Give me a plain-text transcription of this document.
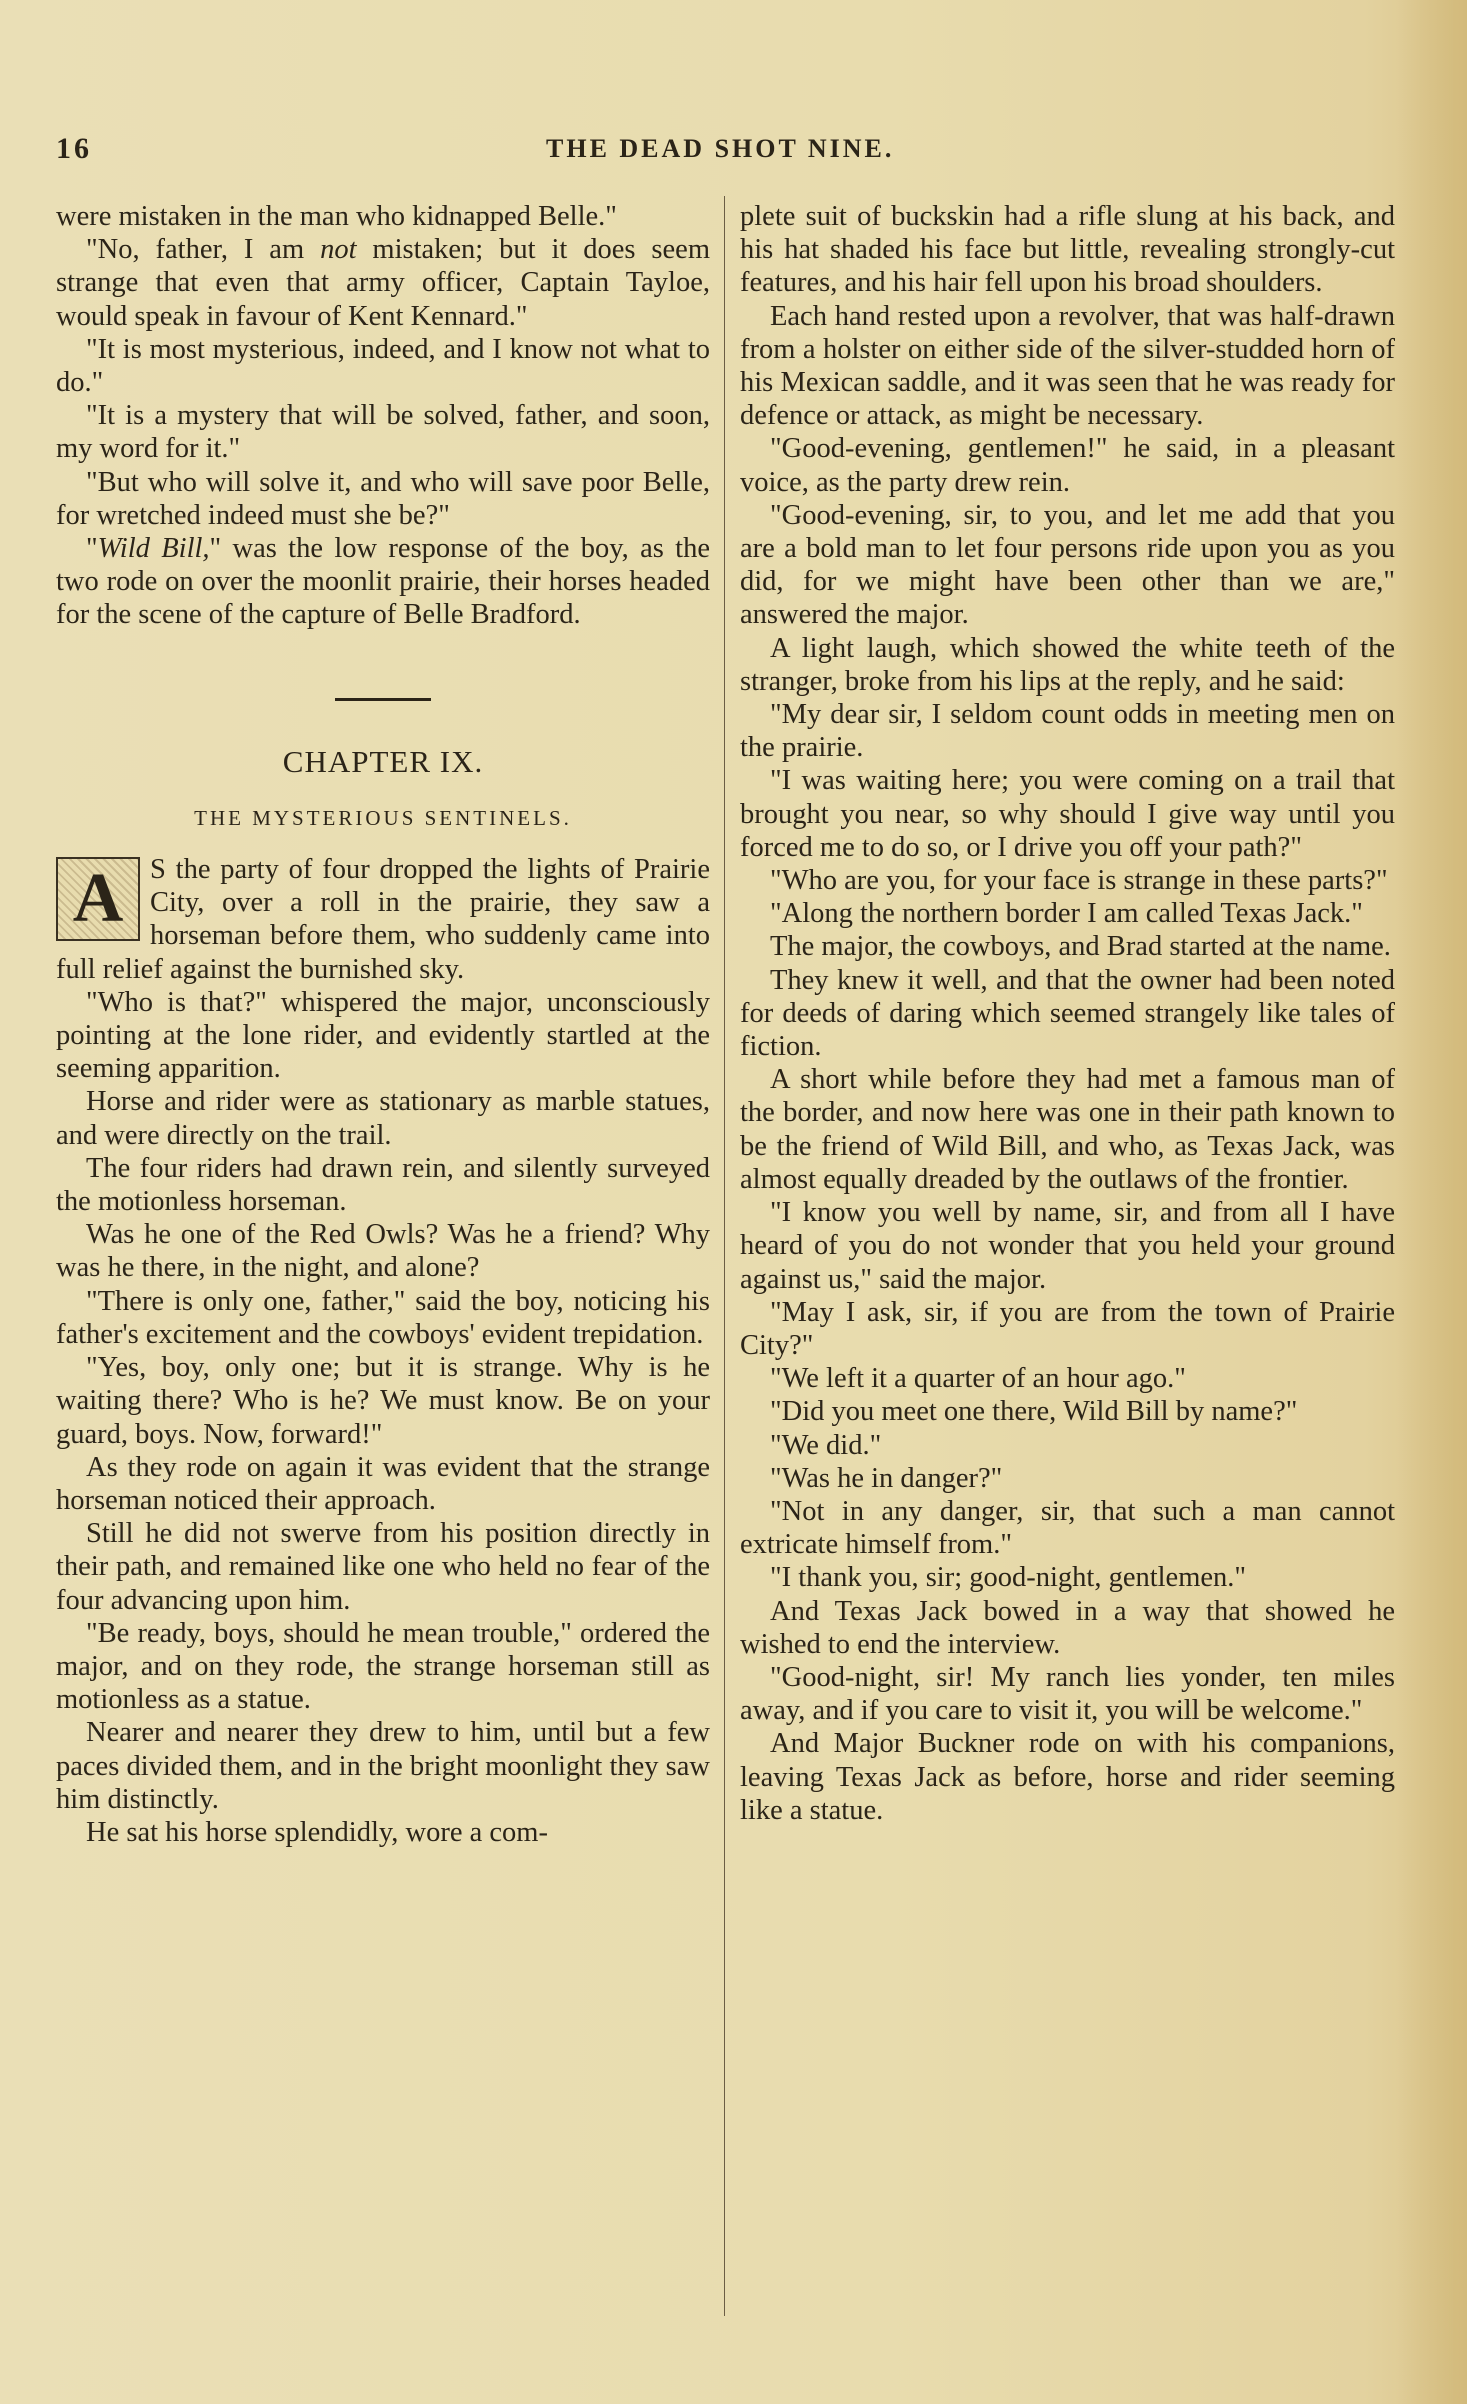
16	THE DEAD SHOT NINE.

were mistaken in the man who kidnapped Belle."

"No, father, I am not mistaken; but it does seem strange that even that army officer, Captain Tayloe, would speak in favour of Kent Kennard."

"It is most mysterious, indeed, and I know not what to do."

"It is a mystery that will be solved, father, and soon, my word for it."

"But who will solve it, and who will save poor Belle, for wretched indeed must she be?"

"Wild Bill," was the low response of the boy, as the two rode on over the moonlit prairie, their horses headed for the scene of the capture of Belle Bradford.

CHAPTER IX.
THE MYSTERIOUS SENTINELS.

A S the party of four dropped the lights of Prairie City, over a roll in the prairie, they saw a horseman before them, who suddenly came into full relief against the burnished sky.

"Who is that?" whispered the major, unconsciously pointing at the lone rider, and evidently startled at the seeming apparition.

Horse and rider were as stationary as marble statues, and were directly on the trail.

The four riders had drawn rein, and silently surveyed the motionless horseman.

Was he one of the Red Owls? Was he a friend? Why was he there, in the night, and alone?

"There is only one, father," said the boy, noticing his father's excitement and the cowboys' evident trepidation.

"Yes, boy, only one; but it is strange. Why is he waiting there? Who is he? We must know. Be on your guard, boys. Now, forward!"

As they rode on again it was evident that the strange horseman noticed their approach.

Still he did not swerve from his position directly in their path, and remained like one who held no fear of the four advancing upon him.

"Be ready, boys, should he mean trouble," ordered the major, and on they rode, the strange horseman still as motionless as a statue.

Nearer and nearer they drew to him, until but a few paces divided them, and in the bright moonlight they saw him distinctly.

He sat his horse splendidly, wore a com-

plete suit of buckskin had a rifle slung at his back, and his hat shaded his face but little, revealing strongly-cut features, and his hair fell upon his broad shoulders.

Each hand rested upon a revolver, that was half-drawn from a holster on either side of the silver-studded horn of his Mexican saddle, and it was seen that he was ready for defence or attack, as might be necessary.

"Good-evening, gentlemen!" he said, in a pleasant voice, as the party drew rein.

"Good-evening, sir, to you, and let me add that you are a bold man to let four persons ride upon you as you did, for we might have been other than we are," answered the major.

A light laugh, which showed the white teeth of the stranger, broke from his lips at the reply, and he said:

"My dear sir, I seldom count odds in meeting men on the prairie.

"I was waiting here; you were coming on a trail that brought you near, so why should I give way until you forced me to do so, or I drive you off your path?"

"Who are you, for your face is strange in these parts?"

"Along the northern border I am called Texas Jack."

The major, the cowboys, and Brad started at the name.

They knew it well, and that the owner had been noted for deeds of daring which seemed strangely like tales of fiction.

A short while before they had met a famous man of the border, and now here was one in their path known to be the friend of Wild Bill, and who, as Texas Jack, was almost equally dreaded by the outlaws of the frontier.

"I know you well by name, sir, and from all I have heard of you do not wonder that you held your ground against us," said the major.

"May I ask, sir, if you are from the town of Prairie City?"

"We left it a quarter of an hour ago."

"Did you meet one there, Wild Bill by name?"

"We did."

"Was he in danger?"

"Not in any danger, sir, that such a man cannot extricate himself from."

"I thank you, sir; good-night, gentlemen."

And Texas Jack bowed in a way that showed he wished to end the interview.

"Good-night, sir! My ranch lies yonder, ten miles away, and if you care to visit it, you will be welcome."

And Major Buckner rode on with his companions, leaving Texas Jack as before, horse and rider seeming like a statue.
